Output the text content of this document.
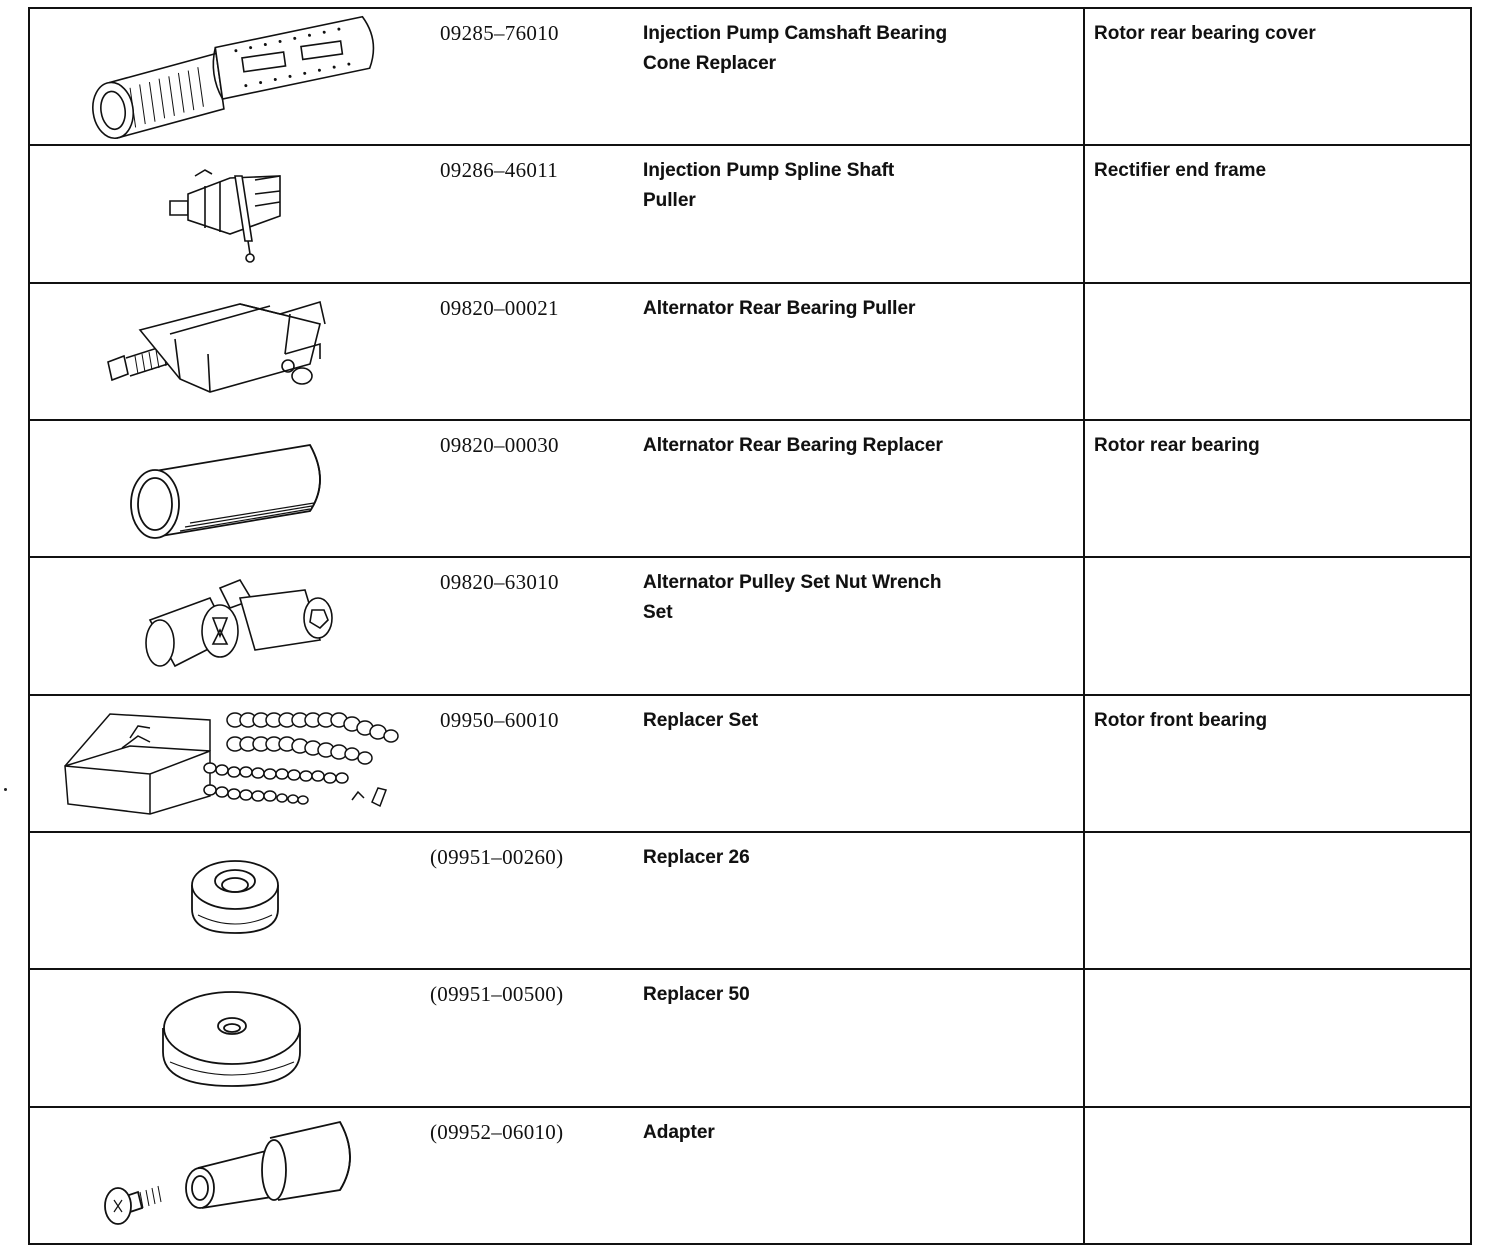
09285–76010	Injection Pump Camshaft Bearing Cone Replacer	Rotor rear bearing cover

09286–46011	Injection Pump Spline Shaft Puller	Rectifier end frame

09820–00021	Alternator Rear Bearing Puller	

09820–00030	Alternator Rear Bearing Replacer	Rotor rear bearing

09820–63010	Alternator Pulley Set Nut Wrench Set	

09950–60010	Replacer Set	Rotor front bearing

(09951–00260)	Replacer 26	

(09951–00500)	Replacer 50	

(09952–06010)	Adapter	
